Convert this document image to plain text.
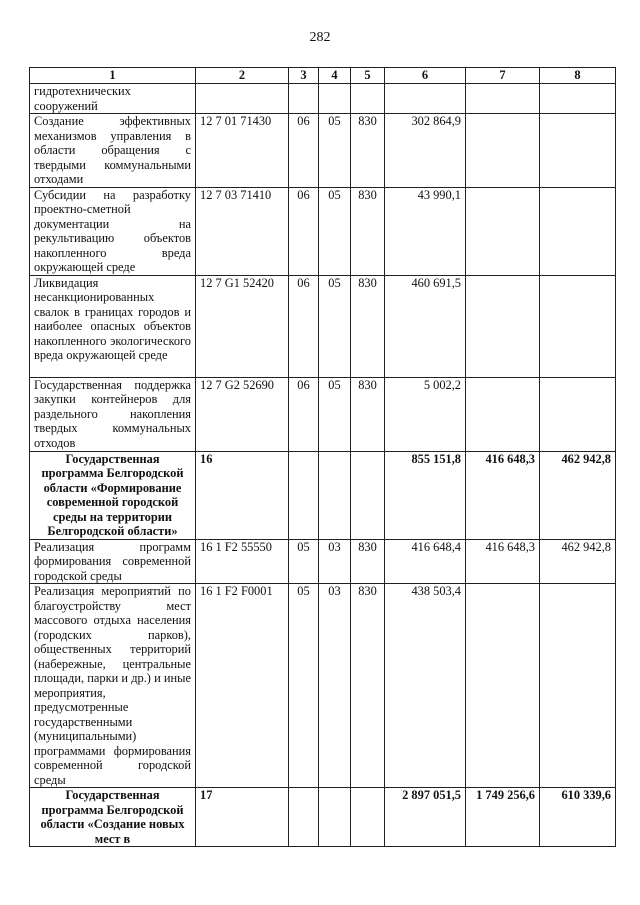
282
1	2	3	4	5	6	7	8
гидротехнических сооружений							
Создание эффективных механизмов управления в области обращения с твердыми коммунальными отходами	12 7 01 71430	06	05	830	302 864,9		
Субсидии на разработку проектно-сметной документации на рекультивацию объектов накопленного вреда окружающей среде	12 7 03 71410	06	05	830	43 990,1		
Ликвидация несанкционированных свалок в границах городов и наиболее опасных объектов накопленного экологического вреда окружающей среде	12 7 G1 52420	06	05	830	460 691,5		
Государственная поддержка закупки контейнеров для раздельного накопления твердых коммунальных отходов	12 7 G2 52690	06	05	830	5 002,2		
Государственная программа Белгородской области «Формирование современной городской среды на территории Белгородской области»	16				855 151,8	416 648,3	462 942,8
Реализация программ формирования современной городской среды	16 1 F2 55550	05	03	830	416 648,4	416 648,3	462 942,8
Реализация мероприятий по благоустройству мест массового отдыха населения (городских парков), общественных территорий (набережные, центральные площади, парки и др.) и иные мероприятия, предусмотренные государственными (муниципальными) программами формирования современной городской среды	16 1 F2 F0001	05	03	830	438 503,4		
Государственная программа Белгородской области «Создание новых мест в	17				2 897 051,5	1 749 256,6	610 339,6
